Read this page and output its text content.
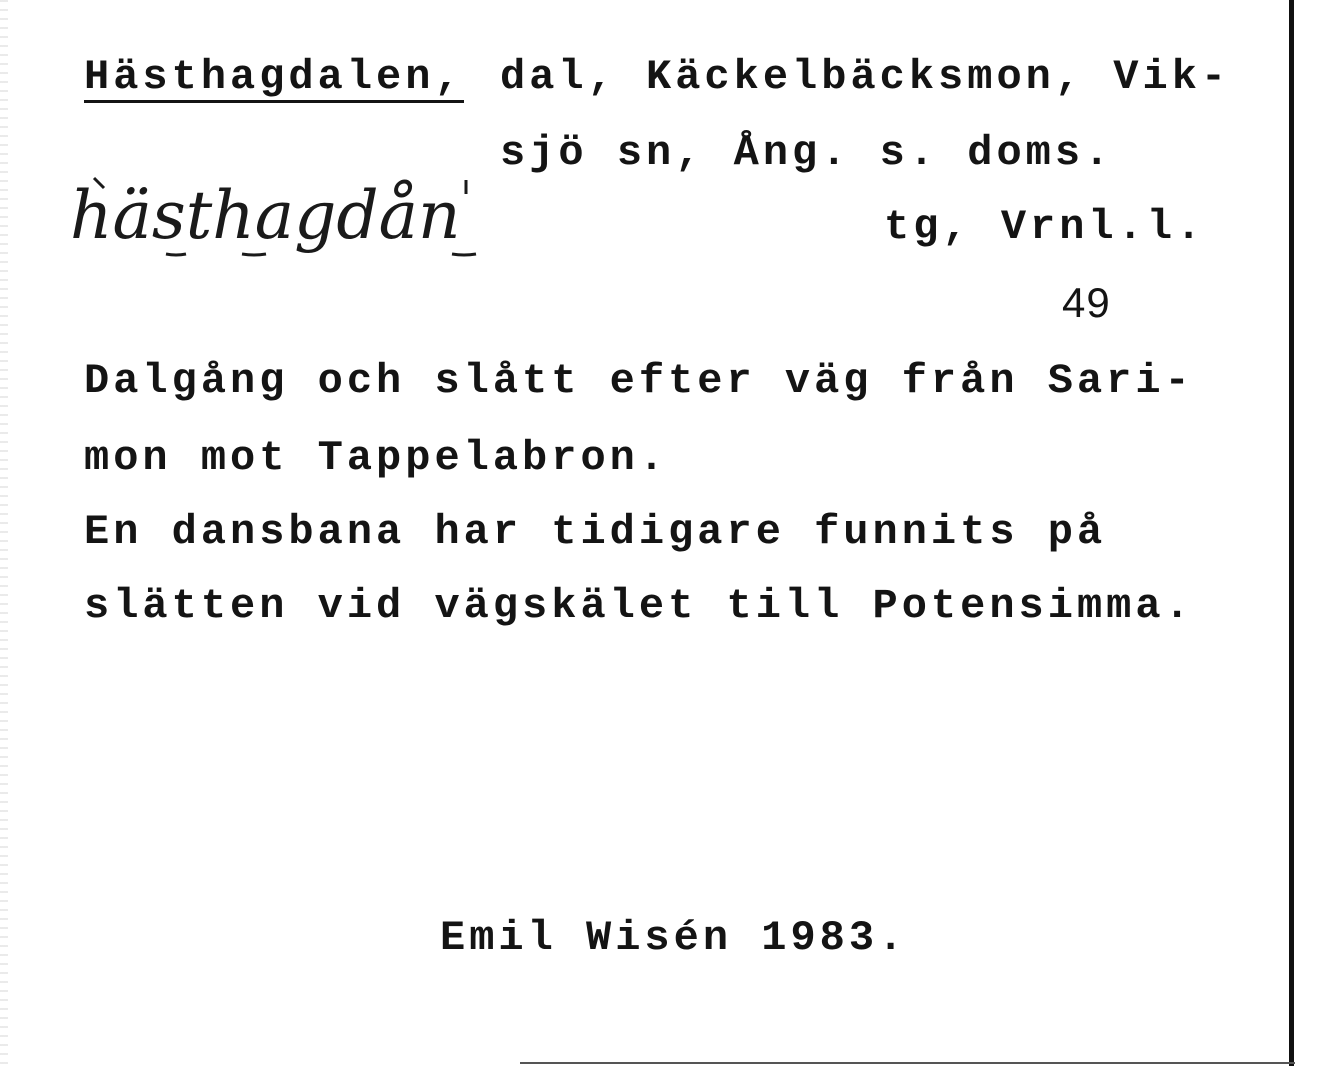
Hästhagdalen, dal, Käckelbäcksmon, Vik-
sjö sn, Ång. s. doms.
hästhagdån	tg, Vrnl.l.
49
Dalgång och slått efter väg från Sari-
mon mot Tappelabron.
En dansbana har tidigare funnits på
slätten vid vägskälet till Potensimma.
Emil Wisén 1983.
